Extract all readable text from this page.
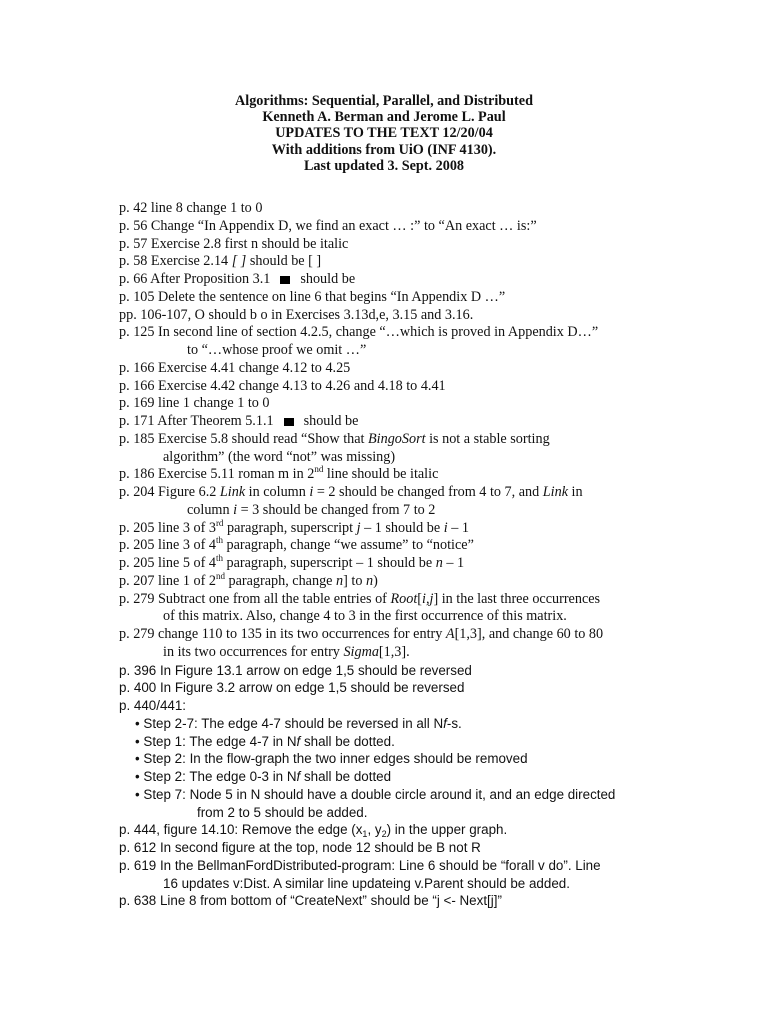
Algorithms: Sequential, Parallel, and Distributed
Kenneth A. Berman and Jerome L. Paul
UPDATES TO THE TEXT 12/20/04
With additions from UiO (INF 4130).
Last updated 3. Sept. 2008
p. 42 line 8 change 1 to 0
p. 56 Change “In Appendix D, we find an exact … :” to “An exact … is:”
p. 57 Exercise 2.8 first n should be italic
p. 58 Exercise 2.14 [ ] should be [ ]
p. 66 After Proposition 3.1 should be
p. 105 Delete the sentence on line 6 that begins “In Appendix D …”
pp. 106-107, O should b o in Exercises 3.13d,e, 3.15 and 3.16.
p. 125 In second line of section 4.2.5, change “…which is proved in Appendix D…”
to “…whose proof we omit …”
p. 166 Exercise 4.41 change 4.12 to 4.25
p. 166 Exercise 4.42 change 4.13 to 4.26 and 4.18 to 4.41
p. 169 line 1 change 1 to 0
p. 171 After Theorem 5.1.1 should be
p. 185 Exercise 5.8 should read “Show that BingoSort is not a stable sorting
algorithm” (the word “not” was missing)
p. 186 Exercise 5.11 roman m in 2nd line should be italic
p. 204 Figure 6.2 Link in column i = 2 should be changed from 4 to 7, and Link in
column i = 3 should be changed from 7 to 2
p. 205 line 3 of 3rd paragraph, superscript j – 1 should be i – 1
p. 205 line 3 of 4th paragraph, change “we assume” to “notice”
p. 205 line 5 of 4th paragraph, superscript – 1 should be n – 1
p. 207 line 1 of 2nd paragraph, change n] to n)
p. 279 Subtract one from all the table entries of Root[i,j] in the last three occurrences
of this matrix. Also, change 4 to 3 in the first occurrence of this matrix.
p. 279 change 110 to 135 in its two occurrences for entry A[1,3], and change 60 to 80
in its two occurrences for entry Sigma[1,3].
p. 396 In Figure 13.1 arrow on edge 1,5 should be reversed
p. 400 In Figure 3.2 arrow on edge 1,5 should be reversed
p. 440/441:
• Step 2-7: The edge 4-7 should be reversed in all Nf-s.
• Step 1: The edge 4-7 in Nf shall be dotted.
• Step 2: In the flow-graph the two inner edges should be removed
• Step 2: The edge 0-3 in Nf shall be dotted
• Step 7: Node 5 in N should have a double circle around it, and an edge directed
from 2 to 5 should be added.
p. 444, figure 14.10: Remove the edge ($x_1$, $y_2$) in the upper graph.
p. 612 In second figure at the top, node 12 should be B not R
p. 619 In the BellmanFordDistributed-program: Line 6 should be “forall v do”. Line
16 updates v:Dist. A similar line updateing v.Parent should be added.
p. 638 Line 8 from bottom of “CreateNext” should be “j <- Next[j]”
